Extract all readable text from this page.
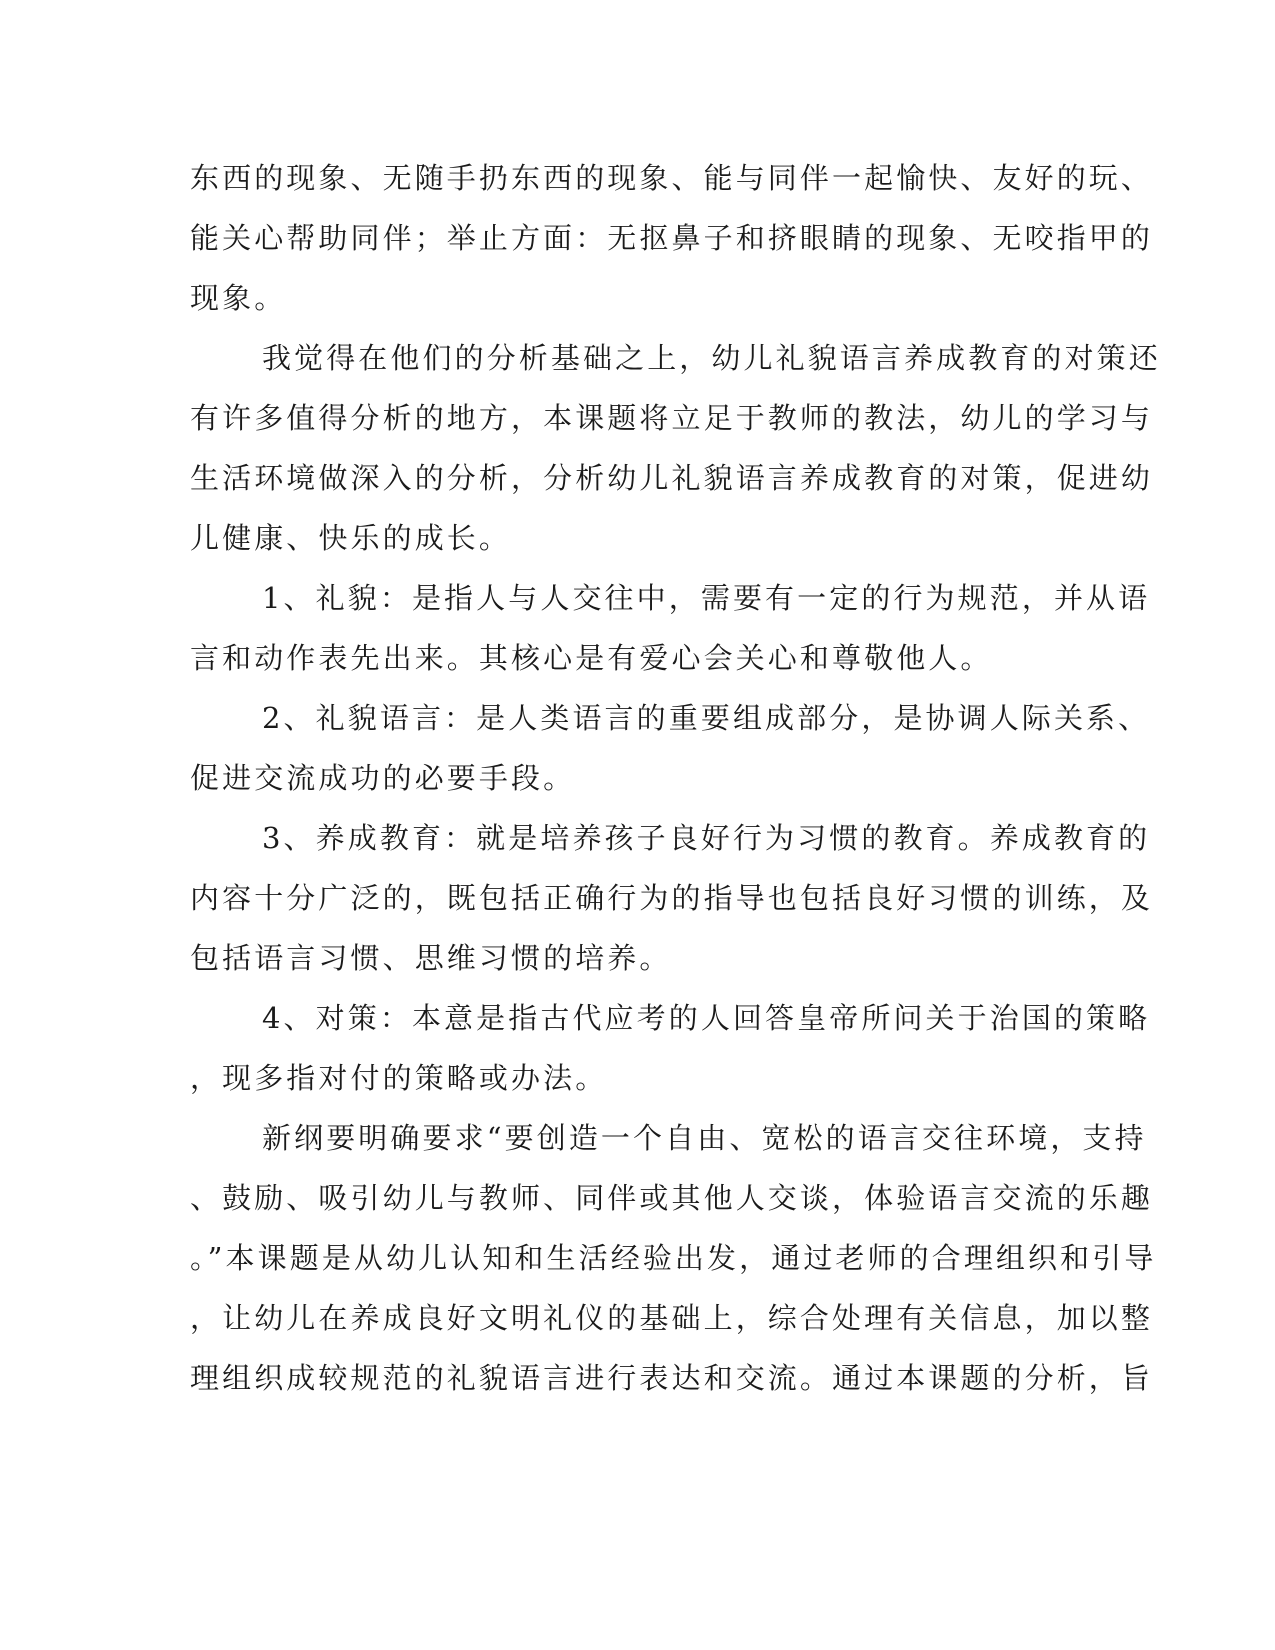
东西的现象、无随手扔东西的现象、能与同伴一起愉快、友好的玩、
能关心帮助同伴；举止方面：无抠鼻子和挤眼睛的现象、无咬指甲的
现象。
我觉得在他们的分析基础之上，幼儿礼貌语言养成教育的对策还
有许多值得分析的地方，本课题将立足于教师的教法，幼儿的学习与
生活环境做深入的分析，分析幼儿礼貌语言养成教育的对策，促进幼
儿健康、快乐的成长。
1、礼貌：是指人与人交往中，需要有一定的行为规范，并从语
言和动作表先出来。其核心是有爱心会关心和尊敬他人。
2、礼貌语言：是人类语言的重要组成部分，是协调人际关系、
促进交流成功的必要手段。
3、养成教育：就是培养孩子良好行为习惯的教育。养成教育的
内容十分广泛的，既包括正确行为的指导也包括良好习惯的训练，及
包括语言习惯、思维习惯的培养。
4、对策：本意是指古代应考的人回答皇帝所问关于治国的策略
，现多指对付的策略或办法。
新纲要明确要求“要创造一个自由、宽松的语言交往环境，支持
、鼓励、吸引幼儿与教师、同伴或其他人交谈，体验语言交流的乐趣
。”本课题是从幼儿认知和生活经验出发，通过老师的合理组织和引导
，让幼儿在养成良好文明礼仪的基础上，综合处理有关信息，加以整
理组织成较规范的礼貌语言进行表达和交流。通过本课题的分析，旨
